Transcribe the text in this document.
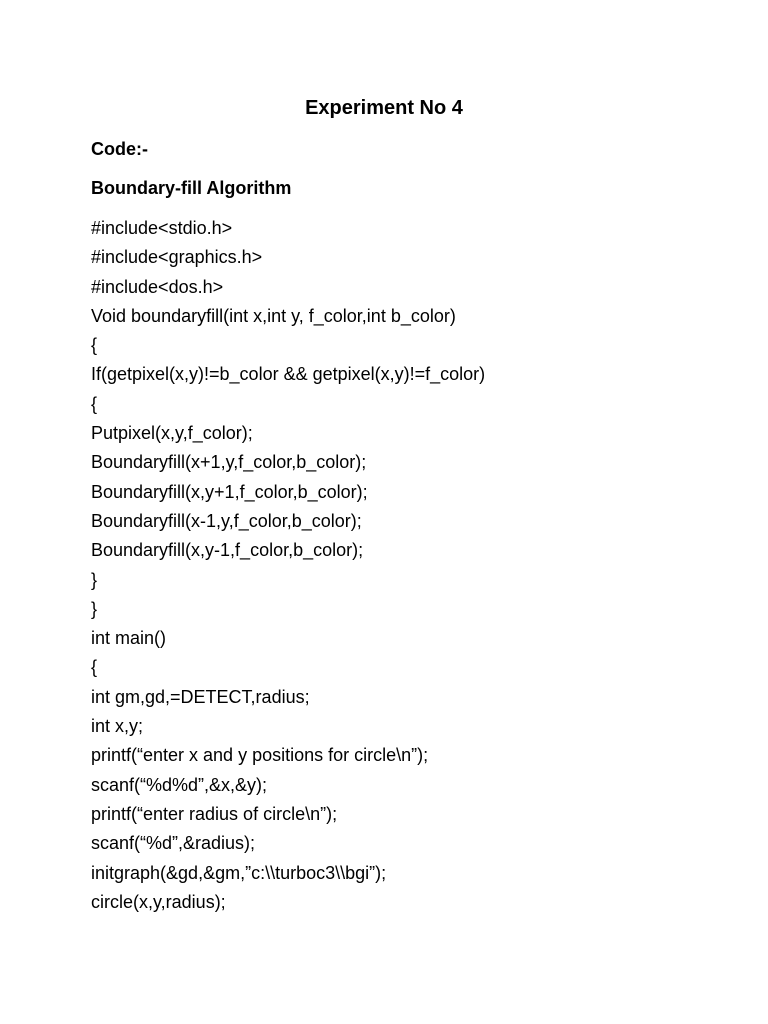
Experiment No 4
Code:-
Boundary-fill Algorithm
#include<stdio.h>
#include<graphics.h>
#include<dos.h>
Void boundaryfill(int x,int y, f_color,int b_color)
{
If(getpixel(x,y)!=b_color && getpixel(x,y)!=f_color)
{
Putpixel(x,y,f_color);
Boundaryfill(x+1,y,f_color,b_color);
Boundaryfill(x,y+1,f_color,b_color);
Boundaryfill(x-1,y,f_color,b_color);
Boundaryfill(x,y-1,f_color,b_color);
}
}
int main()
{
int gm,gd,=DETECT,radius;
int x,y;
printf(“enter x and y positions for circle\n”);
scanf(“%d%d”,&x,&y);
printf(“enter radius of circle\n”);
scanf(“%d”,&radius);
initgraph(&gd,&gm,”c:\\turboc3\\bgi”);
circle(x,y,radius);
